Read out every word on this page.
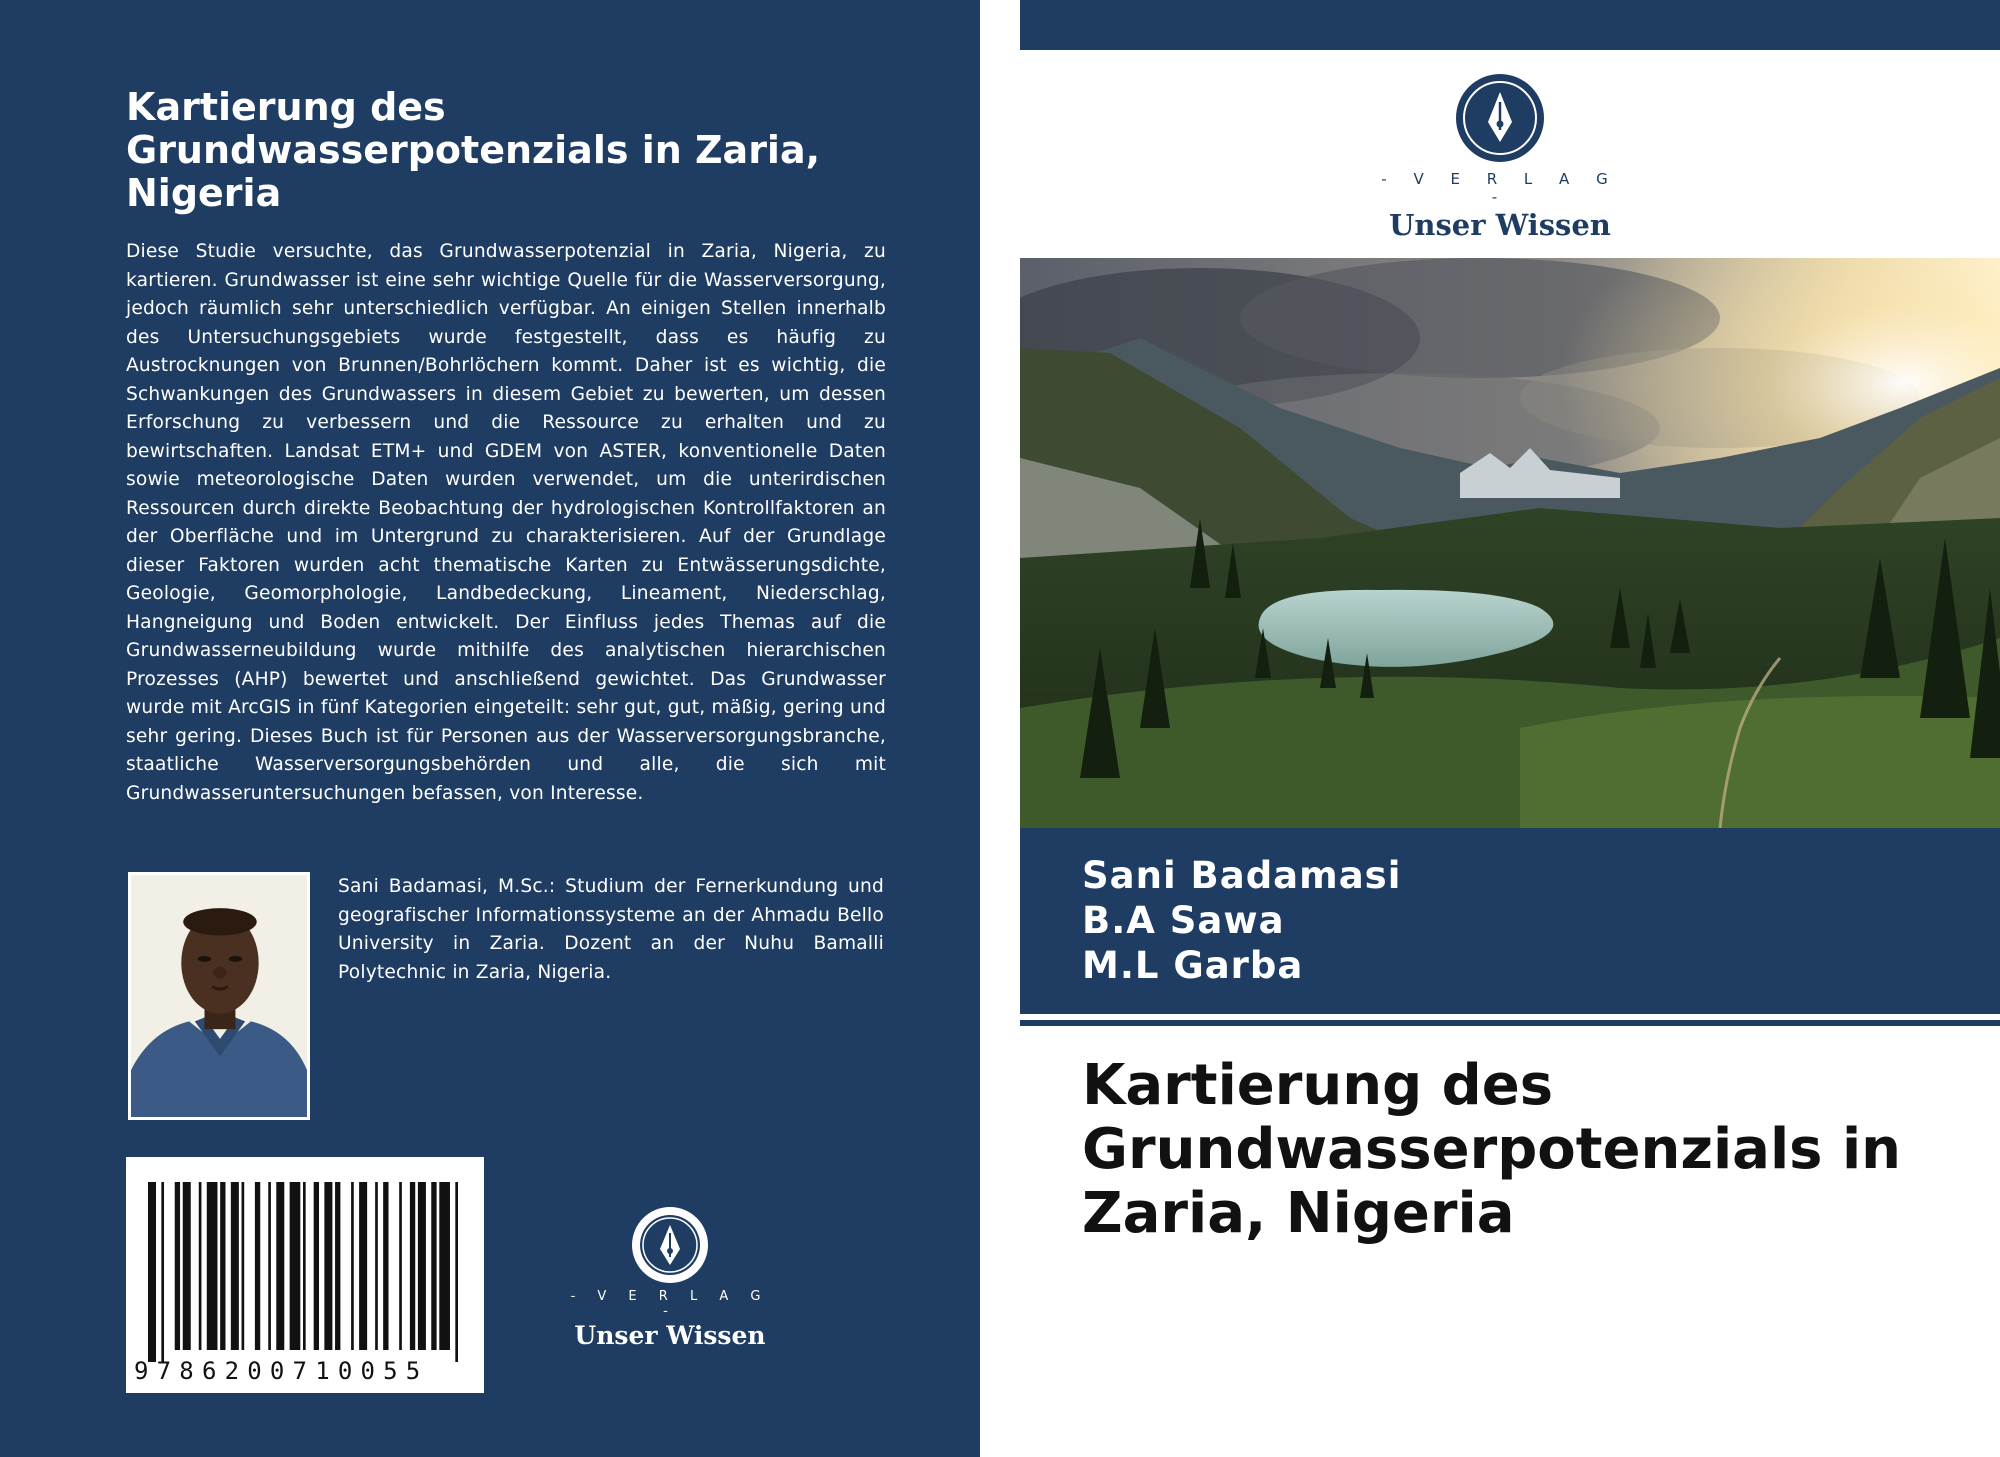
Kartierung des Grundwasserpotenzials in Zaria, Nigeria

Diese Studie versuchte, das Grundwasserpotenzial in Zaria, Nigeria, zu kartieren. Grundwasser ist eine sehr wichtige Quelle für die Wasserversorgung, jedoch räumlich sehr unterschiedlich verfügbar. An einigen Stellen innerhalb des Untersuchungsgebiets wurde festgestellt, dass es häufig zu Austrocknungen von Brunnen/Bohrlöchern kommt. Daher ist es wichtig, die Schwankungen des Grundwassers in diesem Gebiet zu bewerten, um dessen Erforschung zu verbessern und die Ressource zu erhalten und zu bewirtschaften. Landsat ETM+ und GDEM von ASTER, konventionelle Daten sowie meteorologische Daten wurden verwendet, um die unterirdischen Ressourcen durch direkte Beobachtung der hydrologischen Kontrollfaktoren an der Oberfläche und im Untergrund zu charakterisieren. Auf der Grundlage dieser Faktoren wurden acht thematische Karten zu Entwässerungsdichte, Geologie, Geomorphologie, Landbedeckung, Lineament, Niederschlag, Hangneigung und Boden entwickelt. Der Einfluss jedes Themas auf die Grundwasserneubildung wurde mithilfe des analytischen hierarchischen Prozesses (AHP) bewertet und anschließend gewichtet. Das Grundwasser wurde mit ArcGIS in fünf Kategorien eingeteilt: sehr gut, gut, mäßig, gering und sehr gering. Dieses Buch ist für Personen aus der Wasserversorgungsbranche, staatliche Wasserversorgungsbehörden und alle, die sich mit Grundwasseruntersuchungen befassen, von Interesse.

Sani Badamasi, M.Sc.: Studium der Fernerkundung und geografischer Informationssysteme an der Ahmadu Bello University in Zaria. Dozent an der Nuhu Bamalli Polytechnic in Zaria, Nigeria.

9786200710055
- V E R L A G -
Unser Wissen
- V E R L A G -
Unser Wissen

Sani Badamasi

B.A Sawa

M.L Garba

Kartierung des Grundwasserpotenzials in Zaria, Nigeria
